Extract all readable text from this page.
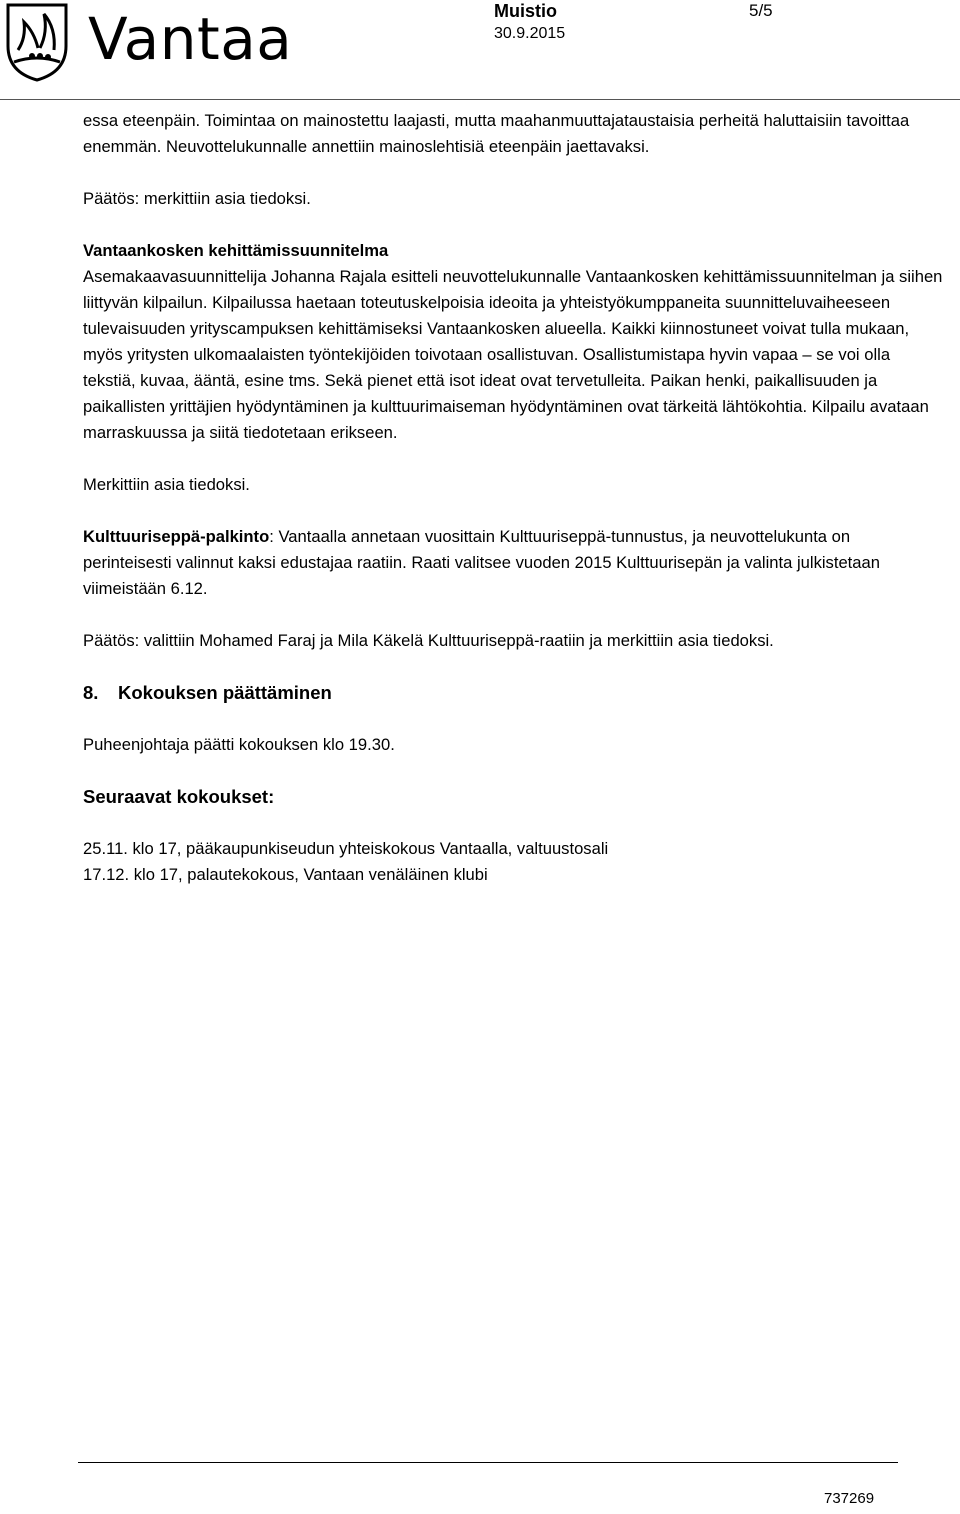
Vantaa	Muistio
30.9.2015
5/5

essa eteenpäin. Toimintaa on mainostettu laajasti, mutta maahanmuuttajataustaisia perheitä haluttaisiin tavoittaa enemmän. Neuvottelukunnalle annettiin mainoslehtisiä eteenpäin jaettavaksi.

Päätös: merkittiin asia tiedoksi.

Vantaankosken kehittämissuunnitelma

Asemakaavasuunnittelija Johanna Rajala esitteli neuvottelukunnalle Vantaankosken kehittämissuunnitelman ja siihen liittyvän kilpailun. Kilpailussa haetaan toteutuskelpoisia ideoita ja yhteistyökumppaneita suunnitteluvaiheeseen tulevaisuuden yrityscampuksen kehittämiseksi Vantaankosken alueella. Kaikki kiinnostuneet voivat tulla mukaan, myös yritysten ulkomaalaisten työntekijöiden toivotaan osallistuvan. Osallistumistapa hyvin vapaa – se voi olla tekstiä, kuvaa, ääntä, esine tms. Sekä pienet että isot ideat ovat tervetulleita. Paikan henki, paikallisuuden ja paikallisten yrittäjien hyödyntäminen ja kulttuurimaiseman hyödyntäminen ovat tärkeitä lähtökohtia. Kilpailu avataan marraskuussa ja siitä tiedotetaan erikseen.

Merkittiin asia tiedoksi.

Kulttuuriseppä-palkinto: Vantaalla annetaan vuosittain Kulttuuriseppä-tunnustus, ja neuvottelukunta on perinteisesti valinnut kaksi edustajaa raatiin. Raati valitsee vuoden 2015 Kulttuurisepän ja valinta julkistetaan viimeistään 6.12.

Päätös: valittiin Mohamed Faraj ja Mila Käkelä Kulttuuriseppä-raatiin ja merkittiin asia tiedoksi.

8. Kokouksen päättäminen

Puheenjohtaja päätti kokouksen klo 19.30.

Seuraavat kokoukset:

25.11. klo 17, pääkaupunkiseudun yhteiskokous Vantaalla, valtuustosali

17.12. klo 17, palautekokous, Vantaan venäläinen klubi

737269
